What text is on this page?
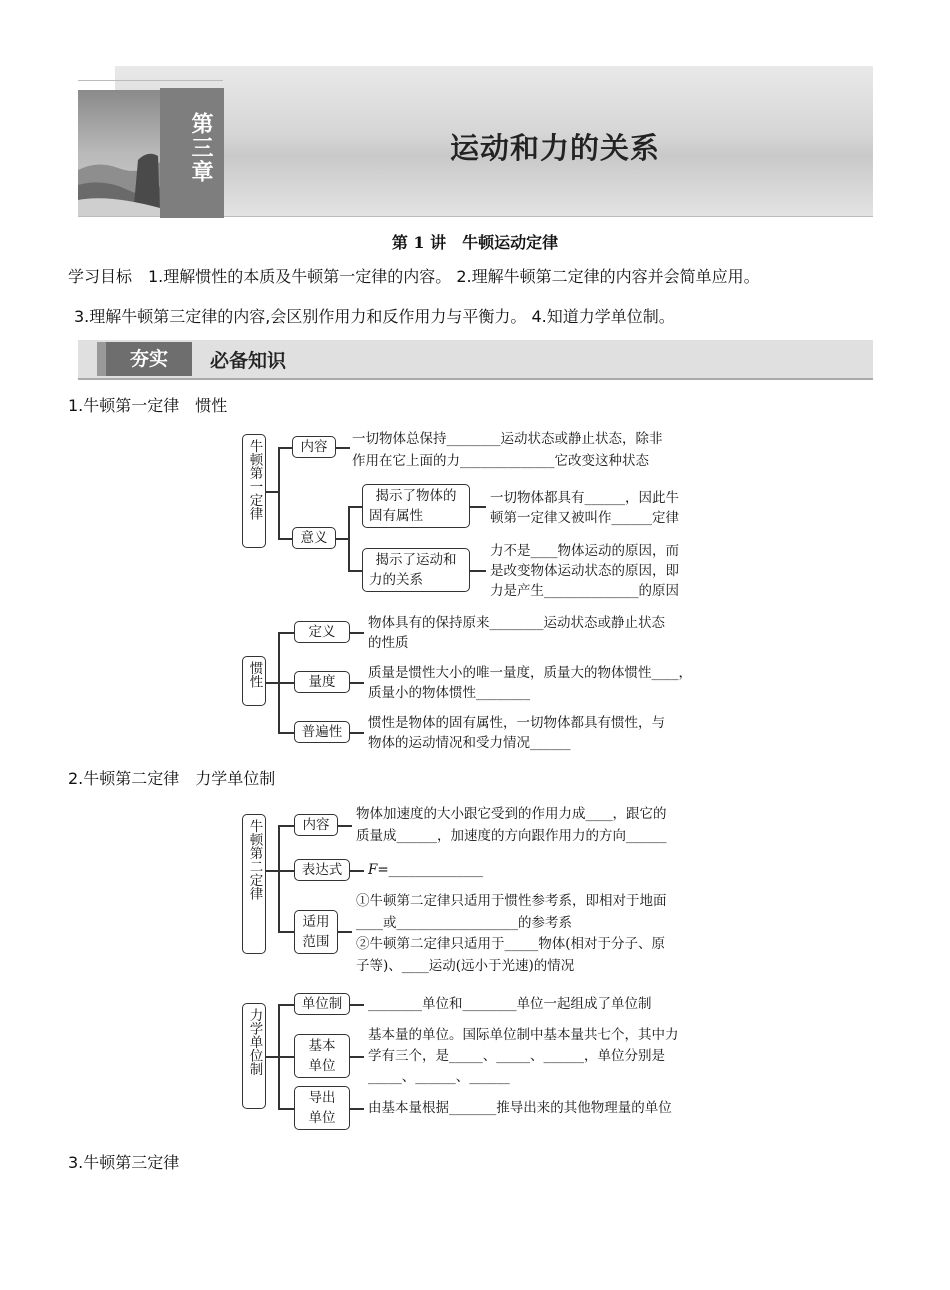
第三章	运动和力的关系
第 1 讲　牛顿运动定律
学习目标　1.理解惯性的本质及牛顿第一定律的内容。 2.理解牛顿第二定律的内容并会简单应用。
3.理解牛顿第三定律的内容,会区别作用力和反作用力与平衡力。 4.知道力学单位制。
夯实	必备知识
1.牛顿第一定律　惯性
牛顿第一定律	内容	一切物体总保持________运动状态或静止状态，除非
作用在它上面的力______________它改变这种状态
意义
揭示了物体的
固有属性
一切物体都具有______，因此牛
顿第一定律又被叫作______定律
揭示了运动和
力的关系
力不是____物体运动的原因，而
是改变物体运动状态的原因，即
力是产生______________的原因
惯性
定义
物体具有的保持原来________运动状态或静止状态
的性质
量度
质量是惯性大小的唯一量度，质量大的物体惯性____，
质量小的物体惯性________
普遍性
惯性是物体的固有属性，一切物体都具有惯性，与
物体的运动情况和受力情况______
2.牛顿第二定律　力学单位制
牛顿第二定律	内容
物体加速度的大小跟它受到的作用力成____，跟它的
质量成______，加速度的方向跟作用力的方向______
表达式	F=______________
适用
范围
①牛顿第二定律只适用于惯性参考系，即相对于地面
____或__________________的参考系
②牛顿第二定律只适用于_____物体(相对于分子、原
子等)、____运动(远小于光速)的情况
力学单位制
单位制	________单位和________单位一起组成了单位制
基本
单位
基本量的单位。国际单位制中基本量共七个，其中力
学有三个，是_____、_____、______，单位分别是
_____、______、______
导出
单位
由基本量根据_______推导出来的其他物理量的单位
3.牛顿第三定律
